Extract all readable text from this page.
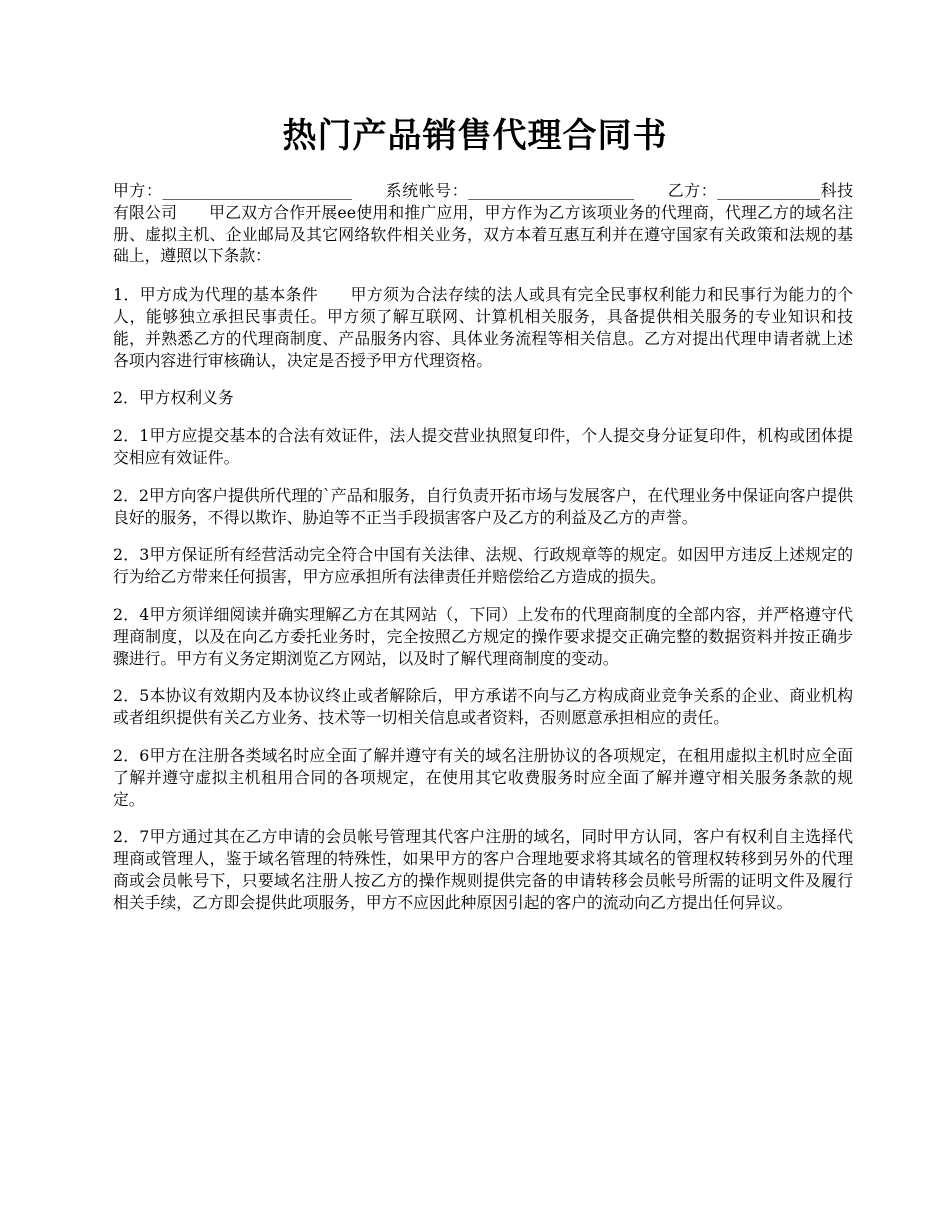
热门产品销售代理合同书

甲方：________________________　　系统帐号：_____________________　　乙方：_____________科技有限公司　　甲乙双方合作开展ee使用和推广应用，甲方作为乙方该项业务的代理商，代理乙方的域名注册、虚拟主机、企业邮局及其它网络软件相关业务，双方本着互惠互利并在遵守国家有关政策和法规的基础上，遵照以下条款：

1．甲方成为代理的基本条件　　甲方须为合法存续的法人或具有完全民事权利能力和民事行为能力的个人，能够独立承担民事责任。甲方须了解互联网、计算机相关服务，具备提供相关服务的专业知识和技能，并熟悉乙方的代理商制度、产品服务内容、具体业务流程等相关信息。乙方对提出代理申请者就上述各项内容进行审核确认，决定是否授予甲方代理资格。

2．甲方权利义务

2．1甲方应提交基本的合法有效证件，法人提交营业执照复印件，个人提交身分证复印件，机构或团体提交相应有效证件。

2．2甲方向客户提供所代理的`产品和服务，自行负责开拓市场与发展客户，在代理业务中保证向客户提供良好的服务，不得以欺诈、胁迫等不正当手段损害客户及乙方的利益及乙方的声誉。

2．3甲方保证所有经营活动完全符合中国有关法律、法规、行政规章等的规定。如因甲方违反上述规定的行为给乙方带来任何损害，甲方应承担所有法律责任并赔偿给乙方造成的损失。

2．4甲方须详细阅读并确实理解乙方在其网站（，下同）上发布的代理商制度的全部内容，并严格遵守代理商制度，以及在向乙方委托业务时，完全按照乙方规定的操作要求提交正确完整的数据资料并按正确步骤进行。甲方有义务定期浏览乙方网站，以及时了解代理商制度的变动。

2．5本协议有效期内及本协议终止或者解除后，甲方承诺不向与乙方构成商业竞争关系的企业、商业机构或者组织提供有关乙方业务、技术等一切相关信息或者资料，否则愿意承担相应的责任。

2．6甲方在注册各类域名时应全面了解并遵守有关的域名注册协议的各项规定，在租用虚拟主机时应全面了解并遵守虚拟主机租用合同的各项规定，在使用其它收费服务时应全面了解并遵守相关服务条款的规定。

2．7甲方通过其在乙方申请的会员帐号管理其代客户注册的域名，同时甲方认同，客户有权利自主选择代理商或管理人，鉴于域名管理的特殊性，如果甲方的客户合理地要求将其域名的管理权转移到另外的代理商或会员帐号下，只要域名注册人按乙方的操作规则提供完备的申请转移会员帐号所需的证明文件及履行相关手续，乙方即会提供此项服务，甲方不应因此种原因引起的客户的流动向乙方提出任何异议。
